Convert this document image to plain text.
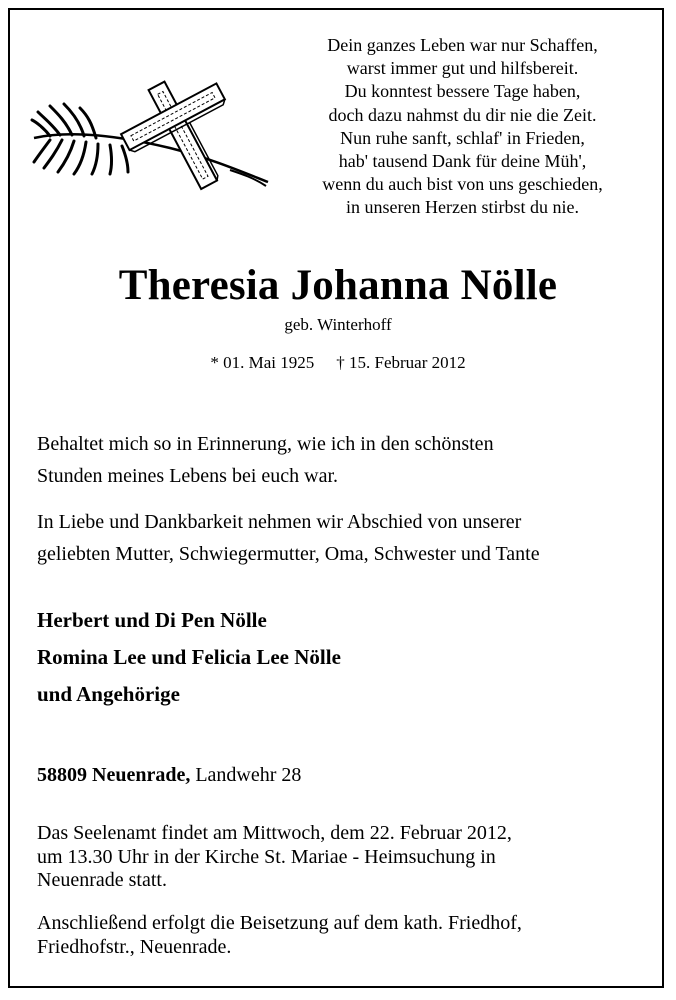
Dein ganzes Leben war nur Schaffen,
warst immer gut und hilfsbereit.
Du konntest bessere Tage haben,
doch dazu nahmst du dir nie die Zeit.
Nun ruhe sanft, schlaf' in Frieden,
hab' tausend Dank für deine Müh',
wenn du auch bist von uns geschieden,
in unseren Herzen stirbst du nie.
Theresia Johanna Nölle
geb. Winterhoff
* 01. Mai 1925 † 15. Februar 2012
Behaltet mich so in Erinnerung, wie ich in den schönsten
Stunden meines Lebens bei euch war.
In Liebe und Dankbarkeit nehmen wir Abschied von unserer
geliebten Mutter, Schwiegermutter, Oma, Schwester und Tante
Herbert und Di Pen Nölle
Romina Lee und Felicia Lee Nölle
und Angehörige
58809 Neuenrade, Landwehr 28
Das Seelenamt findet am Mittwoch, dem 22. Februar 2012,
um 13.30 Uhr in der Kirche St. Mariae - Heimsuchung in
Neuenrade statt.
Anschließend erfolgt die Beisetzung auf dem kath. Friedhof,
Friedhofstr., Neuenrade.
